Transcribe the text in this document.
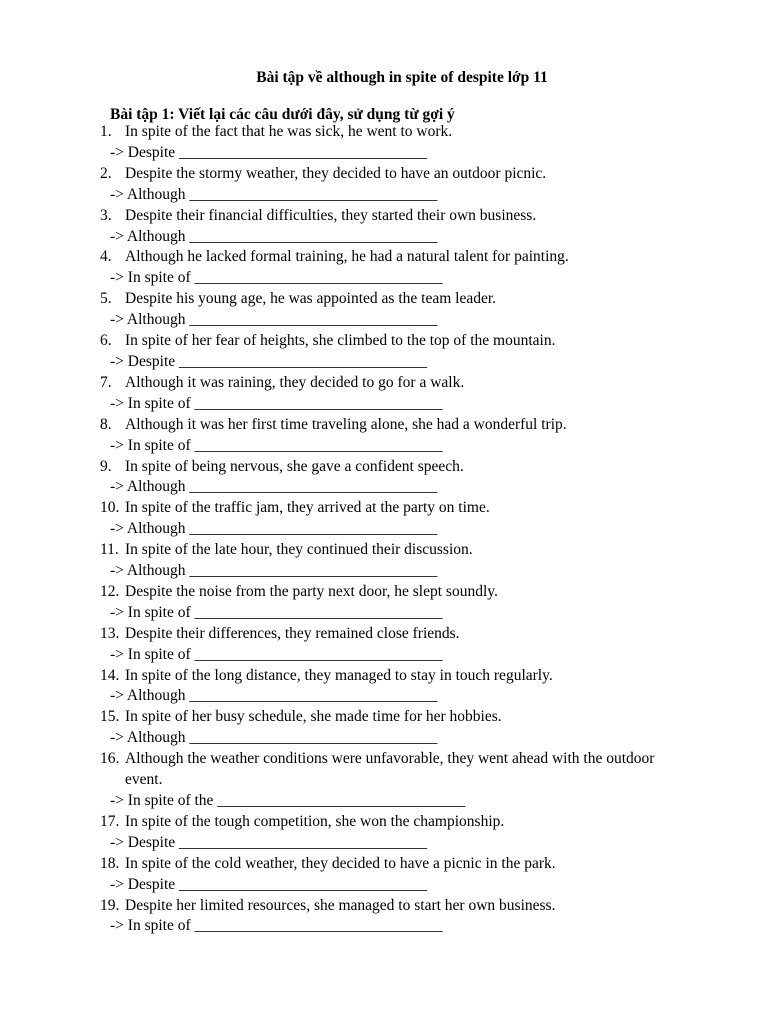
Bài tập về although in spite of despite lớp 11
Bài tập 1: Viết lại các câu dưới đây, sử dụng từ gợi ý
1. In spite of the fact that he was sick, he went to work.
-> Despite ________________________________
2. Despite the stormy weather, they decided to have an outdoor picnic.
-> Although ________________________________
3. Despite their financial difficulties, they started their own business.
-> Although ________________________________
4. Although he lacked formal training, he had a natural talent for painting.
-> In spite of ________________________________
5. Despite his young age, he was appointed as the team leader.
-> Although ________________________________
6. In spite of her fear of heights, she climbed to the top of the mountain.
-> Despite ________________________________
7. Although it was raining, they decided to go for a walk.
-> In spite of ________________________________
8. Although it was her first time traveling alone, she had a wonderful trip.
-> In spite of ________________________________
9. In spite of being nervous, she gave a confident speech.
-> Although ________________________________
10. In spite of the traffic jam, they arrived at the party on time.
-> Although ________________________________
11. In spite of the late hour, they continued their discussion.
-> Although ________________________________
12. Despite the noise from the party next door, he slept soundly.
-> In spite of ________________________________
13. Despite their differences, they remained close friends.
-> In spite of ________________________________
14. In spite of the long distance, they managed to stay in touch regularly.
-> Although ________________________________
15. In spite of her busy schedule, she made time for her hobbies.
-> Although ________________________________
16. Although the weather conditions were unfavorable, they went ahead with the outdoor event.
-> In spite of the ________________________________
17. In spite of the tough competition, she won the championship.
-> Despite ________________________________
18. In spite of the cold weather, they decided to have a picnic in the park.
-> Despite ________________________________
19. Despite her limited resources, she managed to start her own business.
-> In spite of ________________________________
